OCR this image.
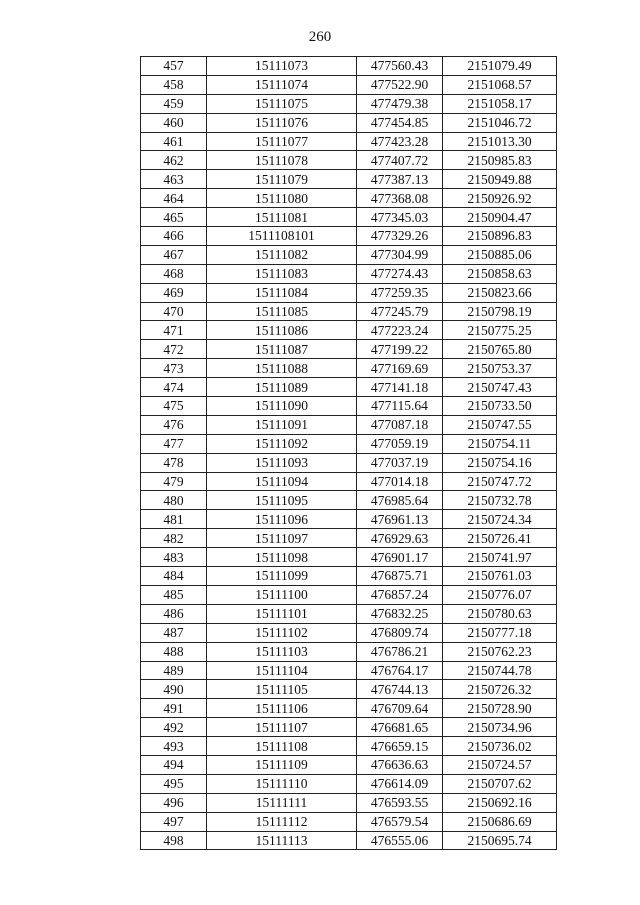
260
457	15111073	477560.43	2151079.49
458	15111074	477522.90	2151068.57
459	15111075	477479.38	2151058.17
460	15111076	477454.85	2151046.72
461	15111077	477423.28	2151013.30
462	15111078	477407.72	2150985.83
463	15111079	477387.13	2150949.88
464	15111080	477368.08	2150926.92
465	15111081	477345.03	2150904.47
466	1511108101	477329.26	2150896.83
467	15111082	477304.99	2150885.06
468	15111083	477274.43	2150858.63
469	15111084	477259.35	2150823.66
470	15111085	477245.79	2150798.19
471	15111086	477223.24	2150775.25
472	15111087	477199.22	2150765.80
473	15111088	477169.69	2150753.37
474	15111089	477141.18	2150747.43
475	15111090	477115.64	2150733.50
476	15111091	477087.18	2150747.55
477	15111092	477059.19	2150754.11
478	15111093	477037.19	2150754.16
479	15111094	477014.18	2150747.72
480	15111095	476985.64	2150732.78
481	15111096	476961.13	2150724.34
482	15111097	476929.63	2150726.41
483	15111098	476901.17	2150741.97
484	15111099	476875.71	2150761.03
485	15111100	476857.24	2150776.07
486	15111101	476832.25	2150780.63
487	15111102	476809.74	2150777.18
488	15111103	476786.21	2150762.23
489	15111104	476764.17	2150744.78
490	15111105	476744.13	2150726.32
491	15111106	476709.64	2150728.90
492	15111107	476681.65	2150734.96
493	15111108	476659.15	2150736.02
494	15111109	476636.63	2150724.57
495	15111110	476614.09	2150707.62
496	15111111	476593.55	2150692.16
497	15111112	476579.54	2150686.69
498	15111113	476555.06	2150695.74
